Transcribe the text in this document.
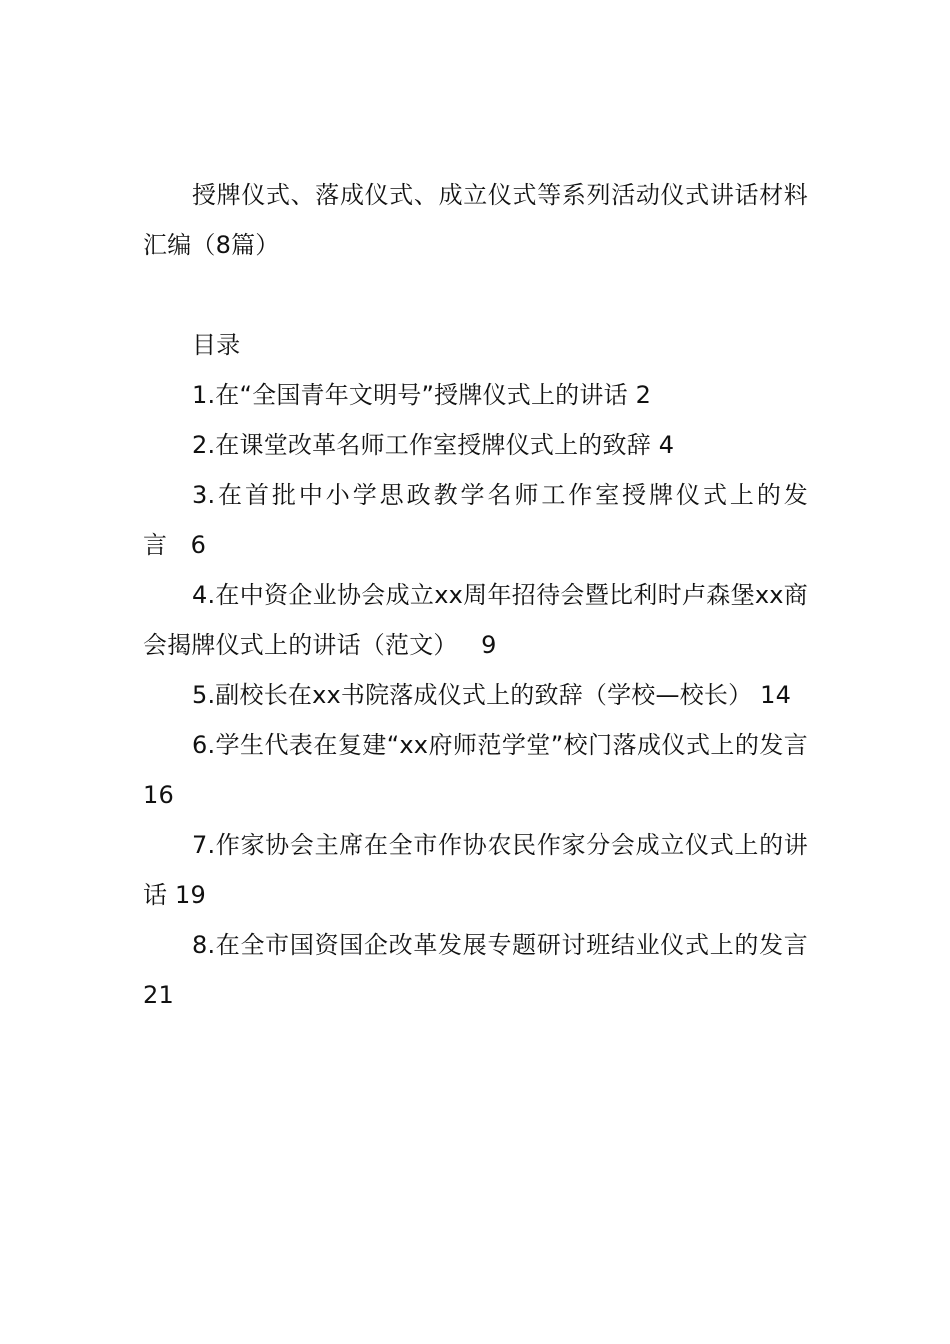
授牌仪式、落成仪式、成立仪式等系列活动仪式讲话材料汇编（8篇）

目录

1.在“全国青年文明号”授牌仪式上的讲话 2

2.在课堂改革名师工作室授牌仪式上的致辞 4

3.在首批中小学思政教学名师工作室授牌仪式上的发言   6

4.在中资企业协会成立xx周年招待会暨比利时卢森堡xx商会揭牌仪式上的讲话（范文）   9

5.副校长在xx书院落成仪式上的致辞（学校—校长） 14

6.学生代表在复建“xx府师范学堂”校门落成仪式上的发言 16

7.作家协会主席在全市作协农民作家分会成立仪式上的讲话 19

8.在全市国资国企改革发展专题研讨班结业仪式上的发言 21
